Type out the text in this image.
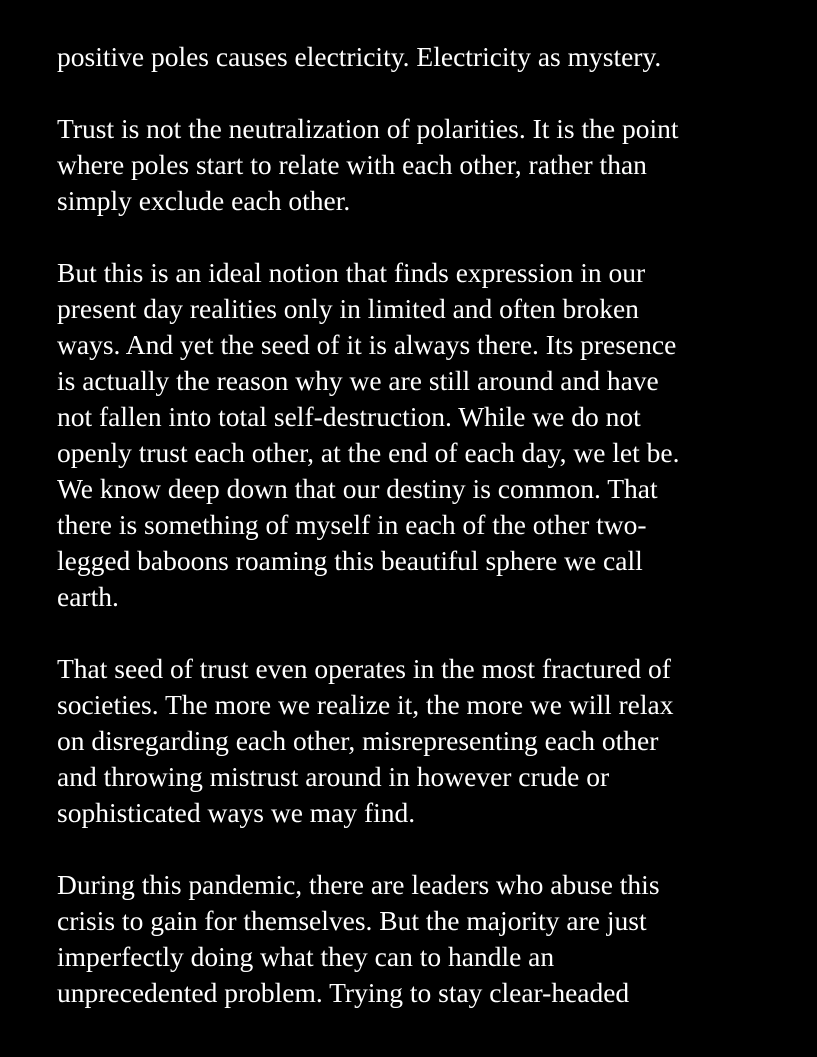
positive poles causes electricity. Electricity as mystery.
Trust is not the neutralization of polarities. It is the point
where poles start to relate with each other, rather than
simply exclude each other.
But this is an ideal notion that finds expression in our
present day realities only in limited and often broken
ways. And yet the seed of it is always there. Its presence
is actually the reason why we are still around and have
not fallen into total self-destruction. While we do not
openly trust each other, at the end of each day, we let be.
We know deep down that our destiny is common. That
there is something of myself in each of the other two-
legged baboons roaming this beautiful sphere we call
earth.
That seed of trust even operates in the most fractured of
societies. The more we realize it, the more we will relax
on disregarding each other, misrepresenting each other
and throwing mistrust around in however crude or
sophisticated ways we may find.
During this pandemic, there are leaders who abuse this
crisis to gain for themselves. But the majority are just
imperfectly doing what they can to handle an
unprecedented problem. Trying to stay clear-headed
